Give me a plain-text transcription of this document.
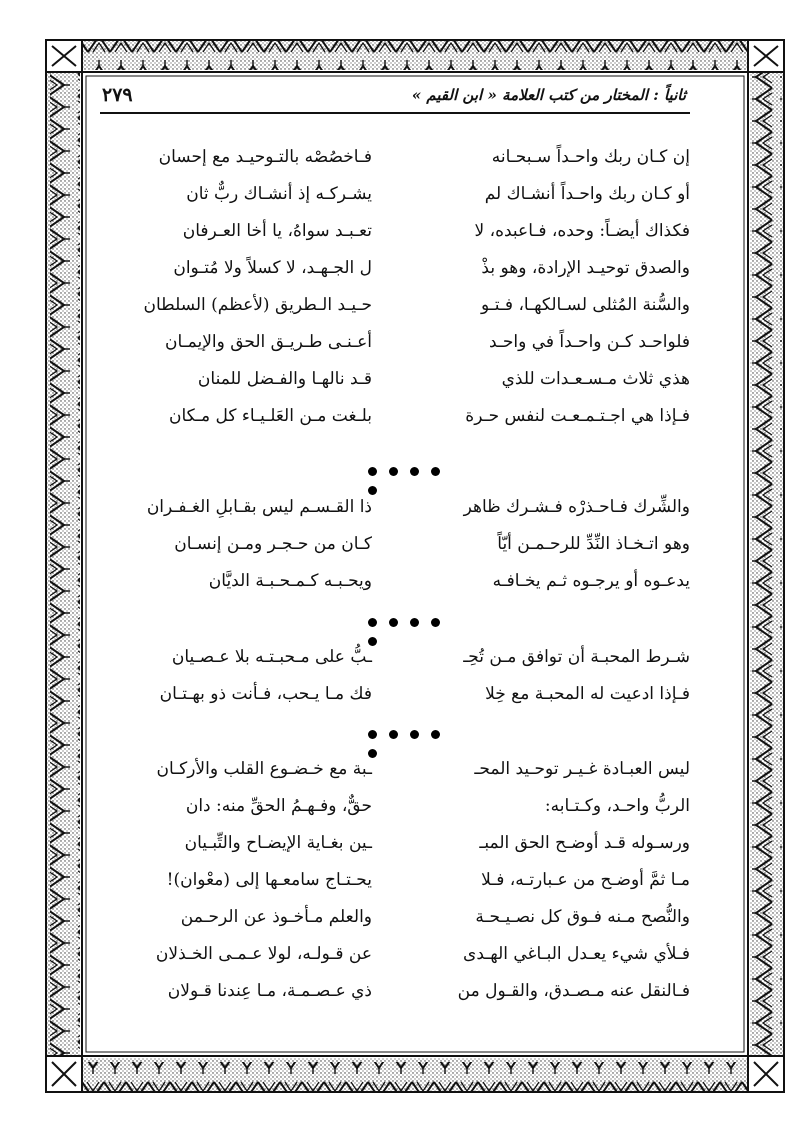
ثانياً : المختار من كتب العلامة « ابن القيم »
٢٧٩
إن كـان ربك واحـداً سـبحـانه
فـاخصُصْه بالتـوحيـد مع إحسان
أو كـان ربك واحـداً أنشـاك لم
يشـركـه إذ أنشـاك ربٌّ ثان
فكذاك أيضـاً: وحده، فـاعبده، لا
تعـبـد سواهُ، يا أخا العـرفان
والصدق توحيـد الإرادة، وهو بذْ
ل الجـهـد، لا كسلاً ولا مُتـوان
والسُّنة المُثلى لسـالكهـا، فـتـو
حـيـد الـطريق (لأعظم) السلطان
فلواحـد كـن واحـداً في واحـد
أعـنـى طـريـق الحق والإيمـان
هذي ثلاث مـسـعـدات للذي
قـد نالهـا والفـضل للمنان
فـإذا هي اجـتـمـعـت لنفس حـرة
بلـغت مـن العَلـيـاء كل مـكان
والشِّرك فـاحـذرْه فـشـرك ظاهر
ذا القـسـم ليس بقـابلِ الغـفـران
وهو اتـخـاذ النِّدِّ للرحـمـن أيّاً
كـان من حـجـر ومـن إنسـان
يدعـوه أو يرجـوه ثـم يخـافـه
ويحـبـه كـمـحـبـة الديَّان
شـرط المحبـة أن توافق مـن تُحِـ
ـبُّ على مـحبـتـه بلا عـصـيان
فـإذا ادعيت له المحبـة مع خِلا
فك مـا يـحب، فـأنت ذو بهـتـان
ليس العبـادة غـيـر توحـيد المحـ
ـبة مع خـضـوع القلب والأركـان
الربُّ واحـد، وكـتـابه:
حقٌّ، وفـهـمُ الحقِّ منه: دان
ورسـوله قـد أوضـح الحق المبـ
ـين بغـاية الإيضـاح والتِّبـيان
مـا ثمَّ أوضـح من عـبارتـه، فـلا
يحـتـاج سامعـها إلى (معْوان)!
والنُّصح مـنه فـوق كل نصـيـحـة
والعلم مـأخـوذ عن الرحـمن
فـلأي شيء يعـدل البـاغي الهـدى
عن قـولـه، لولا عـمـى الخـذلان
فـالنقل عنه مـصـدق، والقـول من
ذي عـصـمـة، مـا عِندنا قـولان
